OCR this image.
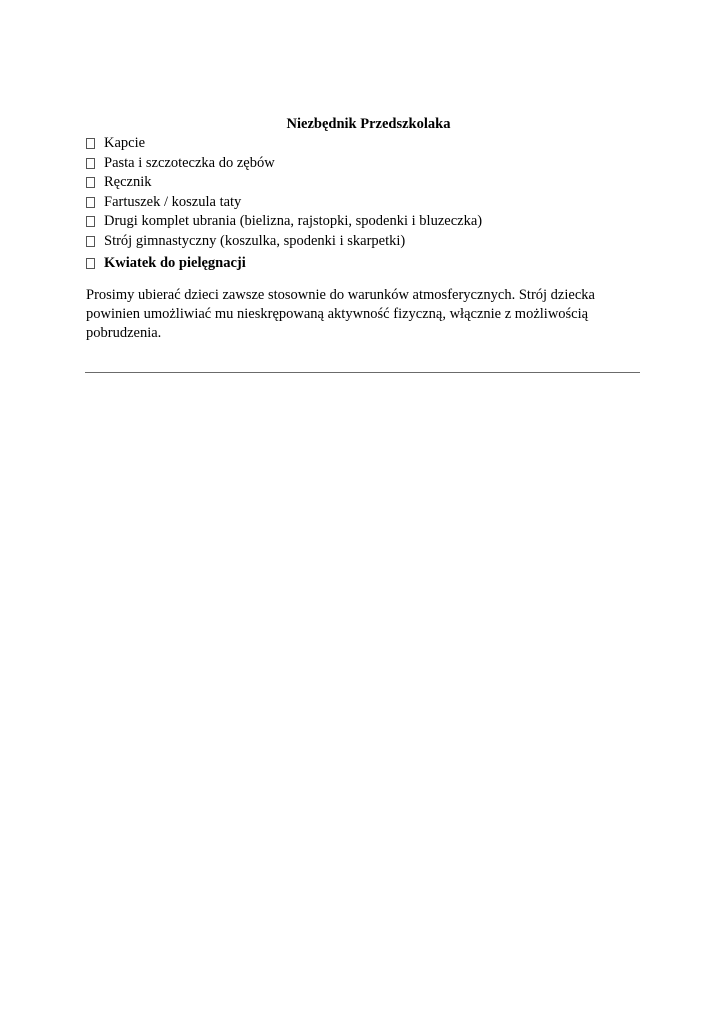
Niezbędnik Przedszkolaka
Kapcie
Pasta i szczoteczka do zębów
Ręcznik
Fartuszek / koszula taty
Drugi komplet ubrania (bielizna, rajstopki, spodenki i bluzeczka)
Strój gimnastyczny (koszulka, spodenki i skarpetki)
Kwiatek do pielęgnacji

Prosimy ubierać dzieci zawsze stosownie do warunków atmosferycznych. Strój dziecka
powinien umożliwiać mu nieskrępowaną aktywność fizyczną, włącznie z możliwością
pobrudzenia.
